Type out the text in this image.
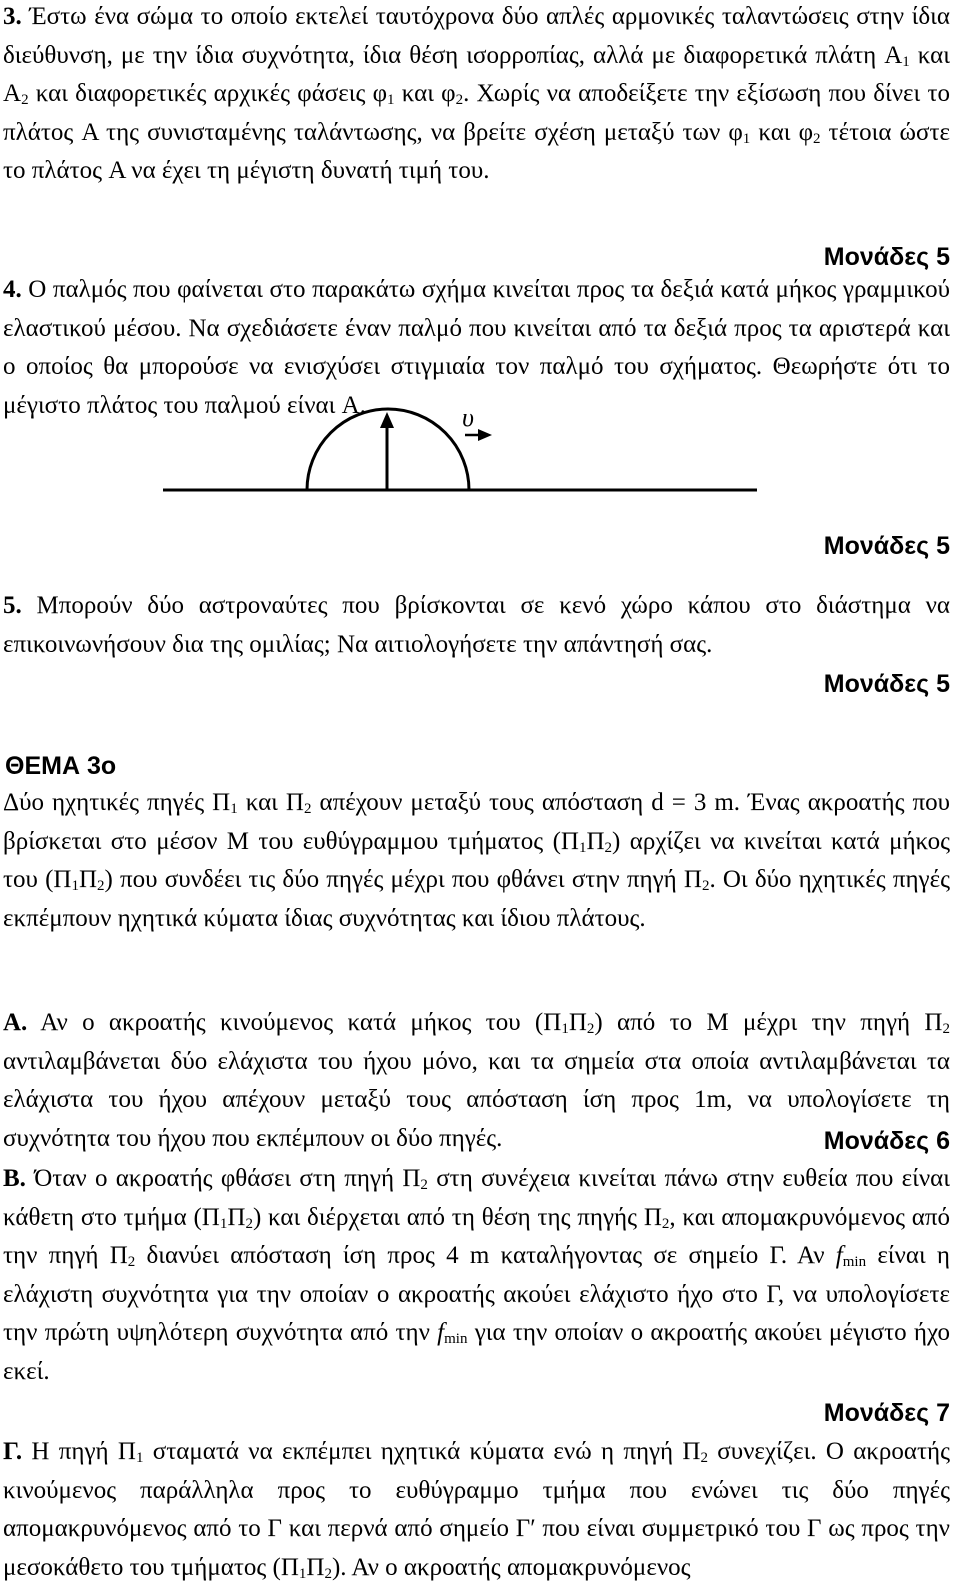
3. Έστω ένα σώμα το οποίο εκτελεί ταυτόχρονα δύο απλές αρμονικές ταλαντώσεις στην ίδια διεύθυνση, με την ίδια συχνότητα, ίδια θέση ισορροπίας, αλλά με διαφορετικά πλάτη $A_1$ και $A_2$ και διαφορετικές αρχικές φάσεις $\varphi_1$ και $\varphi_2$. Χωρίς να αποδείξετε την εξίσωση που δίνει το πλάτος A της συνισταμένης ταλάντωσης, να βρείτε σχέση μεταξύ των $\varphi_1$ και $\varphi_2$ τέτοια ώστε το πλάτος A να έχει τη μέγιστη δυνατή τιμή του.

Μονάδες 5

4. Ο παλμός που φαίνεται στο παρακάτω σχήμα κινείται προς τα δεξιά κατά μήκος γραμμικού ελαστικού μέσου. Να σχεδιάσετε έναν παλμό που κινείται από τα δεξιά προς τα αριστερά και ο οποίος θα μπορούσε να ενισχύσει στιγμιαία τον παλμό του σχήματος. Θεωρήστε ότι το μέγιστο πλάτος του παλμού είναι A.	υ
Μονάδες 5

5. Μπορούν δύο αστροναύτες που βρίσκονται σε κενό χώρο κάπου στο διάστημα να επικοινωνήσουν δια της ομιλίας; Να αιτιολογήσετε την απάντησή σας.

Μονάδες 5
ΘΕΜΑ 3ο

Δύο ηχητικές πηγές $\Pi_1$ και $\Pi_2$ απέχουν μεταξύ τους απόσταση d = 3 m. Ένας ακροατής που βρίσκεται στο μέσον M του ευθύγραμμου τμήματος $(\Pi_1\Pi_2)$ αρχίζει να κινείται κατά μήκος του $(\Pi_1\Pi_2)$ που συνδέει τις δύο πηγές μέχρι που φθάνει στην πηγή $\Pi_2$. Οι δύο ηχητικές πηγές εκπέμπουν ηχητικά κύματα ίδιας συχνότητας και ίδιου πλάτους.

Α. Αν ο ακροατής κινούμενος κατά μήκος του $(\Pi_1\Pi_2)$ από το M μέχρι την πηγή $\Pi_2$ αντιλαμβάνεται δύο ελάχιστα του ήχου μόνο, και τα σημεία στα οποία αντιλαμβάνεται τα ελάχιστα του ήχου απέχουν μεταξύ τους απόσταση ίση προς 1m, να υπολογίσετε τη συχνότητα του ήχου που εκπέμπουν οι δύο πηγές.	Μονάδες 6

Β. Όταν ο ακροατής φθάσει στη πηγή $\Pi_2$ στη συνέχεια κινείται πάνω στην ευθεία που είναι κάθετη στο τμήμα $(\Pi_1\Pi_2)$ και διέρχεται από τη θέση της πηγής $\Pi_2$, και απομακρυνόμενος από την πηγή $\Pi_2$ διανύει απόσταση ίση προς 4 m καταλήγοντας σε σημείο Γ. Αν $f_{min}$ είναι η ελάχιστη συχνότητα για την οποίαν ο ακροατής ακούει ελάχιστο ήχο στο Γ, να υπολογίσετε την πρώτη υψηλότερη συχνότητα από την $f_{min}$ για την οποίαν ο ακροατής ακούει μέγιστο ήχο εκεί.

Μονάδες 7

Γ. Η πηγή $\Pi_1$ σταματά να εκπέμπει ηχητικά κύματα ενώ η πηγή $\Pi_2$ συνεχίζει. Ο ακροατής κινούμενος παράλληλα προς το ευθύγραμμο τμήμα που ενώνει τις δύο πηγές απομακρυνόμενος από το Γ και περνά από σημείο Γ′ που είναι συμμετρικό του Γ ως προς την μεσοκάθετο του τμήματος $(\Pi_1\Pi_2)$. Αν ο ακροατής απομακρυνόμενος
